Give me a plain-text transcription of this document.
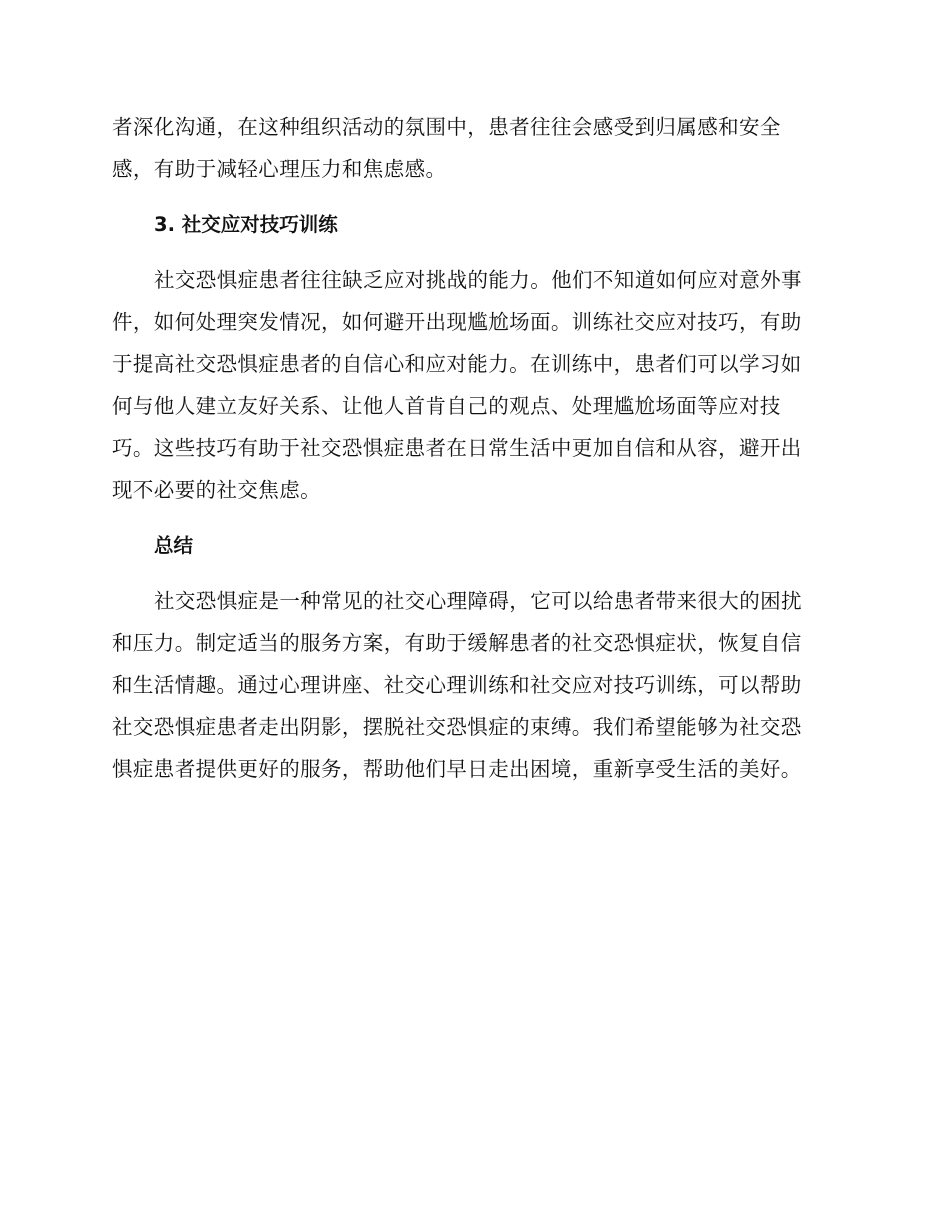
者深化沟通，在这种组织活动的氛围中，患者往往会感受到归属感和安全

感，有助于减轻心理压力和焦虑感。

3. 社交应对技巧训练

社交恐惧症患者往往缺乏应对挑战的能力。他们不知道如何应对意外事

件，如何处理突发情况，如何避开出现尴尬场面。训练社交应对技巧，有助

于提高社交恐惧症患者的自信心和应对能力。在训练中，患者们可以学习如

何与他人建立友好关系、让他人首肯自己的观点、处理尴尬场面等应对技

巧。这些技巧有助于社交恐惧症患者在日常生活中更加自信和从容，避开出

现不必要的社交焦虑。

总结

社交恐惧症是一种常见的社交心理障碍，它可以给患者带来很大的困扰

和压力。制定适当的服务方案，有助于缓解患者的社交恐惧症状，恢复自信

和生活情趣。通过心理讲座、社交心理训练和社交应对技巧训练，可以帮助

社交恐惧症患者走出阴影，摆脱社交恐惧症的束缚。我们希望能够为社交恐

惧症患者提供更好的服务，帮助他们早日走出困境，重新享受生活的美好。
